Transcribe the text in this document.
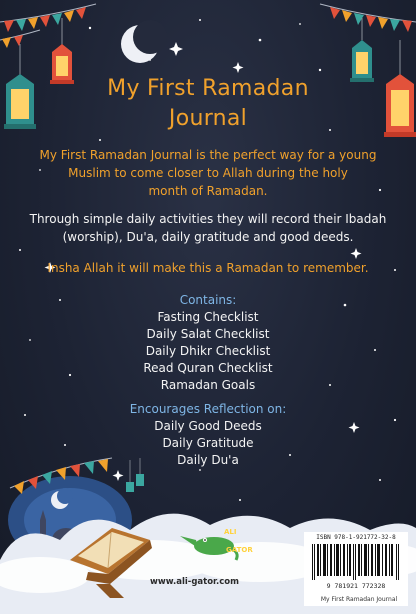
My First Ramadan
Journal
My First Ramadan Journal is the perfect way for a young
Muslim to come closer to Allah during the holy
month of Ramadan.
Through simple daily activities they will record their Ibadah
(worship), Du'a, daily gratitude and good deeds.
Insha Allah it will make this a Ramadan to remember.
Contains:
Fasting Checklist
Daily Salat Checklist
Daily Dhikr Checklist
Read Quran Checklist
Ramadan Goals
Encourages Reflection on:
Daily Good Deeds
Daily Gratitude
Daily Du'a
ALI
GATOR
www.ali-gator.com
ISBN 978-1-921772-32-8
9 781921 772328
My First Ramadan Journal
